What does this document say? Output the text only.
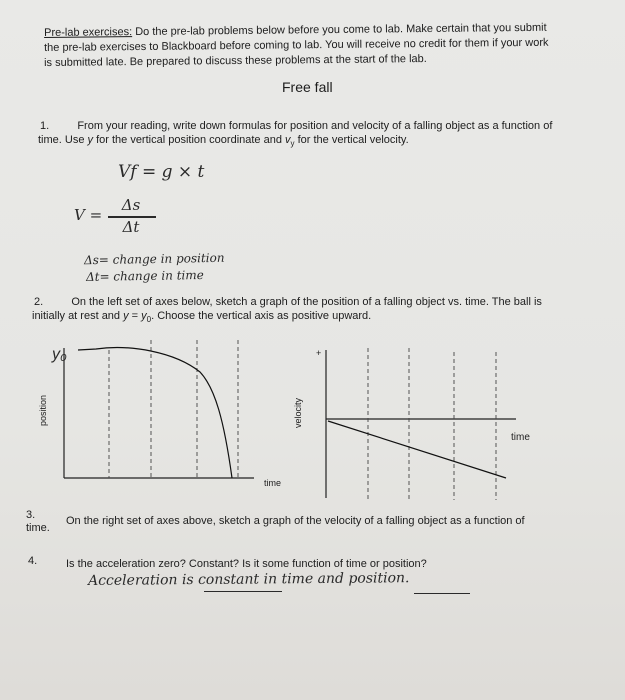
Pre-lab exercises: Do the pre-lab problems below before you come to lab. Make certain that you submit
the pre-lab exercises to Blackboard before coming to lab. You will receive no credit for them if your work
is submitted late. Be prepared to discuss these problems at the start of the lab.
Free fall
1.	From your reading, write down formulas for position and velocity of a falling object as a function of
time. Use y for the vertical position coordinate and $v_y$ for the vertical velocity.
Vf = g × t
V =
Δs
Δt
Δs= change in position
Δt= change in time
2.	On the left set of axes below, sketch a graph of the position of a falling object vs. time. The ball is
initially at rest and $y = y_0$. Choose the vertical axis as positive upward.
position
time
y₀
velocity
time
+
3.	On the right set of axes above, sketch a graph of the velocity of a falling object as a function of
time.
4.	Is the acceleration zero? Constant? Is it some function of time or position?
Acceleration is constant in time and position.
